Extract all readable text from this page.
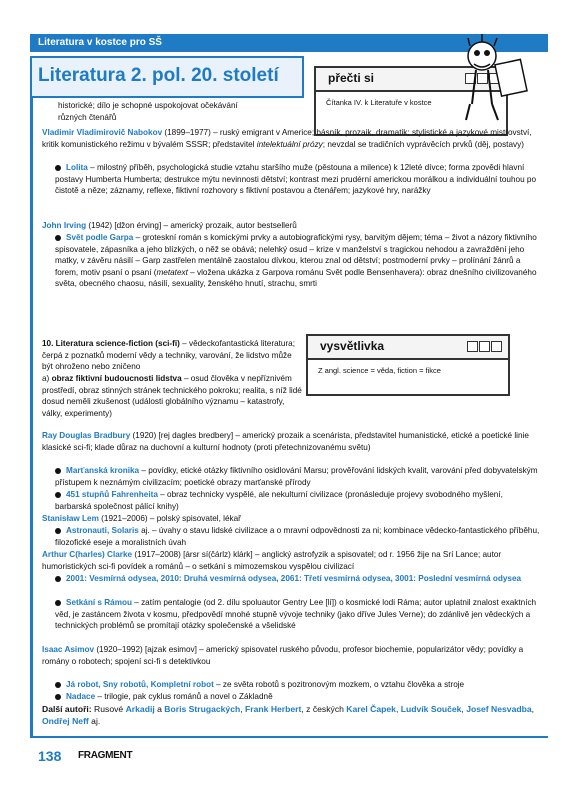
Literatura v kostce pro SŠ
Literatura 2. pol. 20. století	přečti si
Čítanka IV. k Literatuře v kostce
historické; dílo je schopné uspokojovat očekávání
různých čtenářů
Vladimir Vladimirovič Nabokov (1899–1977) – ruský emigrant v Americe; básník, prozaik, dramatik; stylistické a jazykové mistrovství, kritik komunistického režimu v bývalém SSSR; představitel intelektuální prózy; nevzdal se tradičních vyprávěcích prvků (děj, postavy)
Lolita – milostný příběh, psychologická studie vztahu staršího muže (pěstouna a milence) k 12leté dívce; forma zpovědi hlavní postavy Humberta Humberta; destrukce mýtu nevinnosti dětství; kontrast mezi prudérní americkou morálkou a individuální touhou po čistotě a něze; záznamy, reflexe, fiktivní rozhovory s fiktivní postavou a čtenářem; jazykové hry, narážky
John Irving (1942) [džon érving] – americký prozaik, autor bestsellerů
Svět podle Garpa – groteskní román s komickými prvky a autobiografickými rysy, barvitým dějem; téma – život a názory fiktivního spisovatele, zápasníka a jeho blízkých, o něž se obává; nelehký osud – krize v manželství s tragickou nehodou a zavraždění jeho matky, v závěru násilí – Garp zastřelen mentálně zaostalou dívkou, kterou znal od dětství; postmoderní prvky – prolínání žánrů a forem, motiv psaní o psaní (metatext – vložena ukázka z Garpova románu Svět podle Bensenhavera): obraz dnešního civilizovaného světa, obecného chaosu, násilí, sexuality, ženského hnutí, strachu, smrti
vysvětlivka
Z angl. science = věda, fiction = fikce
10. Literatura science-fiction (sci-fi) – vědeckofantastická literatura; čerpá z poznatků moderní vědy a techniky, varování, že lidstvo může být ohroženo nebo zničeno
a) obraz fiktivní budoucnosti lidstva – osud člověka v nepříznivém prostředí, obraz stinných stránek technického pokroku; realita, s níž lidé dosud neměli zkušenost (události globálního významu – katastrofy, války, experimenty)
Ray Douglas Bradbury (1920) [rej dagles bredbery] – americký prozaik a scenárista, představitel humanistické, etické a poetické linie klasické sci-fi; klade důraz na duchovní a kulturní hodnoty (proti přetechnizovanému světu)
Marťanská kronika – povídky, etické otázky fiktivního osidlování Marsu; prověřování lidských kvalit, varování před dobyvatelským přístupem k neznámým civilizacím; poetické obrazy marťanské přírody
451 stupňů Fahrenheita – obraz technicky vyspělé, ale nekulturní civilizace (pronásleduje projevy svobodného myšlení, barbarská společnost pálící knihy)
Stanisław Lem (1921–2006) – polský spisovatel, lékař
Astronauti, Solaris aj. – úvahy o stavu lidské civilizace a o mravní odpovědnosti za ni; kombinace vědecko-fantastického příběhu, filozofické eseje a moralistních úvah
Arthur C(harles) Clarke (1917–2008) [ársr sí(čárlz) klárk] – anglický astrofyzik a spisovatel; od r. 1956 žije na Srí Lance; autor humoristických sci-fi povídek a románů – o setkání s mimozemskou vyspělou civilizací
2001: Vesmírná odysea, 2010: Druhá vesmírná odysea, 2061: Třetí vesmírná odysea, 3001: Poslední vesmírná odysea
Setkání s Rámou – zatím pentalogie (od 2. dílu spoluautor Gentry Lee [lí]) o kosmické lodi Ráma; autor uplatnil znalost exaktních věd, je zastáncem života v kosmu, předpovědí mnohé stupně vývoje techniky (jako dříve Jules Verne); do zdánlivě jen vědeckých a technických problémů se promítají otázky společenské a všelidské
Isaac Asimov (1920–1992) [ajzak esimov] – americký spisovatel ruského původu, profesor biochemie, popularizátor vědy; povídky a romány o robotech; spojení sci-fi s detektivkou
Já robot, Sny robotů, Kompletní robot – ze světa robotů s pozitronovým mozkem, o vztahu člověka a stroje
Nadace – trilogie, pak cyklus románů a novel o Základně
Další autoři: Rusové Arkadij a Boris Strugackých, Frank Herbert, z českých Karel Čapek, Ludvík Souček, Josef Nesvadba, Ondřej Neff aj.
138 FRAGMENT
